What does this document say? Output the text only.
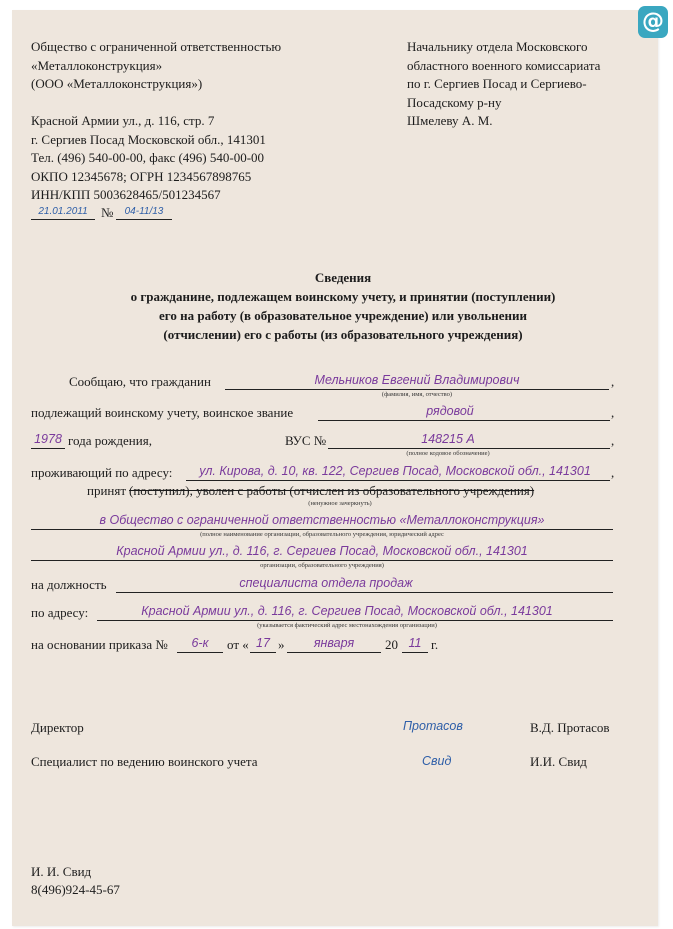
@
Общество с ограниченной ответственностью
«Металлоконструкция»
(ООО «Металлоконструкция»)
Красной Армии ул., д. 116, стр. 7
г. Сергиев Посад Московской обл., 141301
Тел. (496) 540-00-00, факс (496) 540-00-00
ОКПО 12345678; ОГРН 1234567898765
ИНН/КПП 5003628465/501234567
21.01.2011	№	04-11/13
Начальнику отдела Московского
областного военного комиссариата
по г. Сергиев Посад и Сергиево-
Посадскому р-ну
Шмелеву А. М.
Сведения
о гражданине, подлежащем воинскому учету, и принятии (поступлении)
его на работу (в образовательное учреждение) или увольнении
(отчислении) его с работы (из образовательного учреждения)
Сообщаю, что гражданин	Мельников Евгений Владимирович	,
(фамилия, имя, отчество)
подлежащий воинскому учету, воинское звание	рядовой	,
1978 года рождения,	ВУС №	148215 А	,
(полное кодовое обозначение)
проживающий по адресу:	ул. Кирова, д. 10, кв. 122, Сергиев Посад, Московской обл., 141301	,
принят (поступил), уволен с работы (отчислен из образовательного учреждения)
(ненужное зачеркнуть)
в Общество с ограниченной ответственностью «Металлоконструкция»
(полное наименование организации, образовательного учреждения, юридический адрес
Красной Армии ул., д. 116, г. Сергиев Посад, Московской обл., 141301
организации, образовательного учреждения)
на должность	специалиста отдела продаж
по адресу:	Красной Армии ул., д. 116, г. Сергиев Посад, Московской обл., 141301
(указывается фактический адрес местонахождения организации)
на основании приказа №	6-к	от « 17 »	января	20 11 г.
Директор	Протасов	В.Д. Протасов
Специалист по ведению воинского учета	Свид	И.И. Свид
И. И. Свид
8(496)924-45-67
